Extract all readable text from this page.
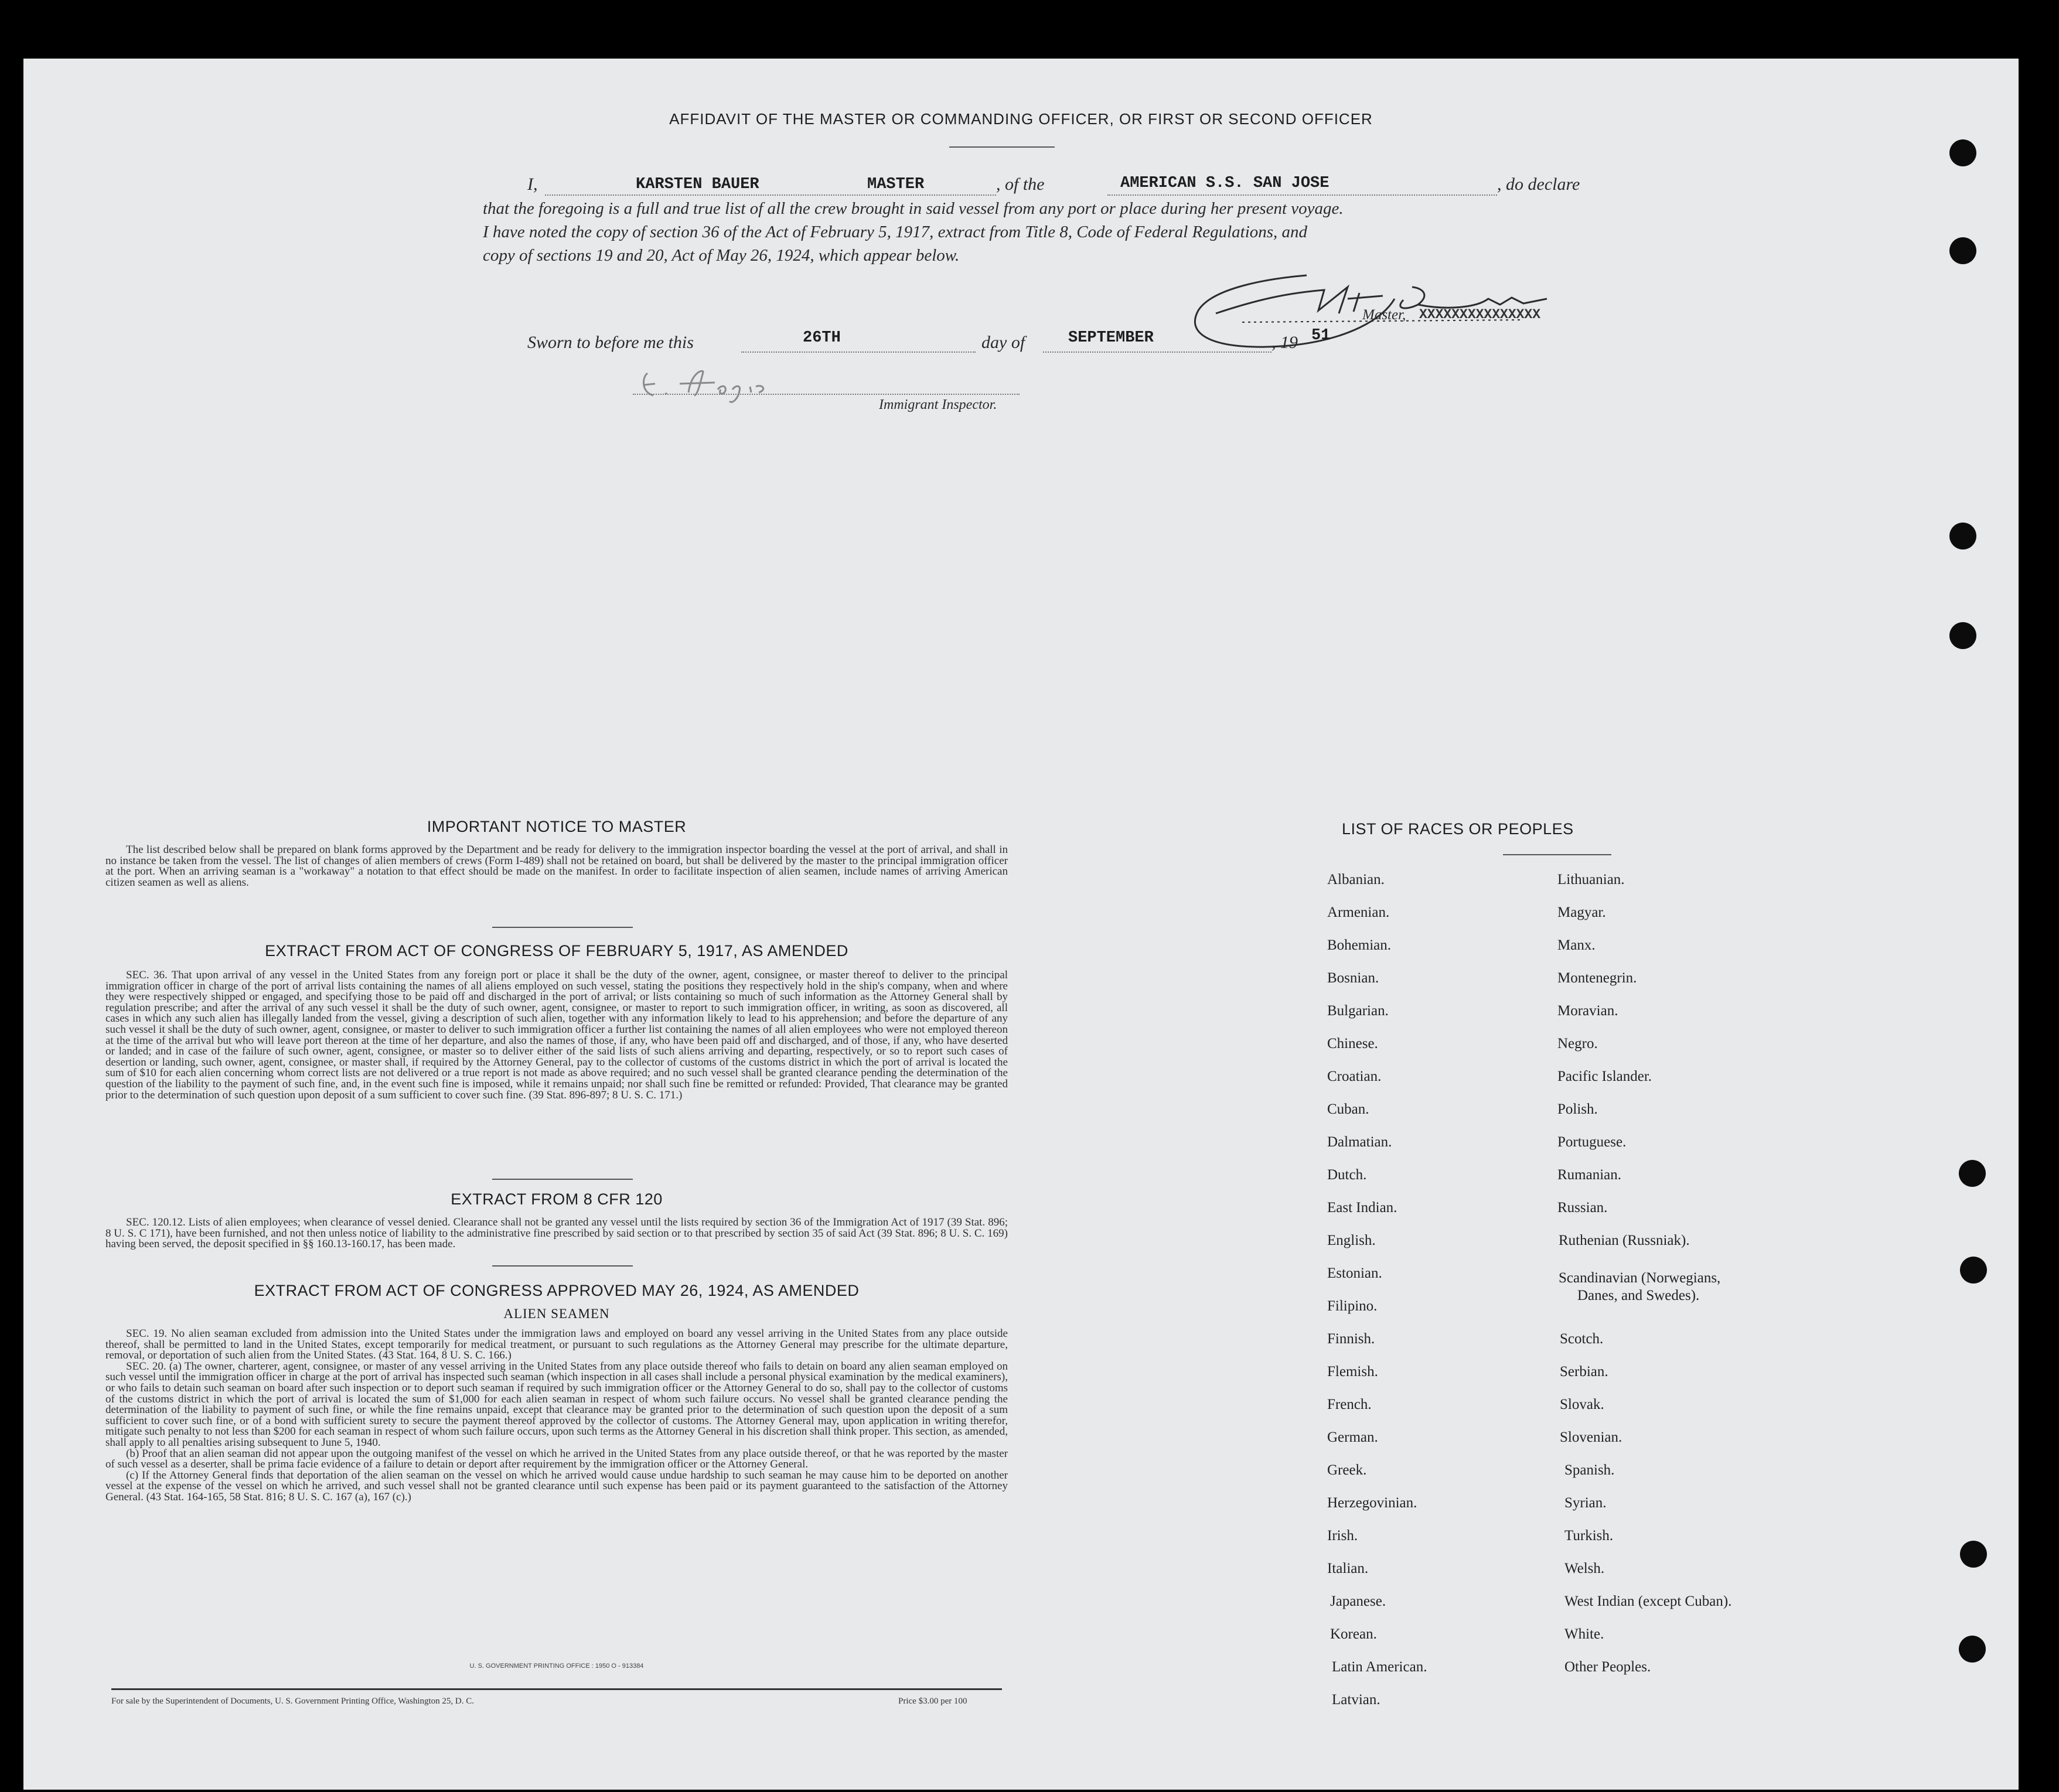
AFFIDAVIT OF THE MASTER OR COMMANDING OFFICER, OR FIRST OR SECOND OFFICER
I,	KARSTEN BAUER	MASTER	, of the	AMERICAN S.S. SAN JOSE	, do declare
that the foregoing is a full and true list of all the crew brought in said vessel from any port or place during her present voyage.
I have noted the copy of section 36 of the Act of February 5, 1917, extract from Title 8, Code of Federal Regulations, and
copy of sections 19 and 20, Act of May 26, 1924, which appear below.
Master, XXXXXXXXXXXXXXX
Sworn to before me this	26TH	day of	SEPTEMBER	, 19 51
Immigrant Inspector.
IMPORTANT NOTICE TO MASTER

The list described below shall be prepared on blank forms approved by the Department and be ready for delivery to the immigration inspector boarding the vessel at the port of arrival, and shall in no instance be taken from the vessel. The list of changes of alien members of crews (Form I-489) shall not be retained on board, but shall be delivered by the master to the principal immigration officer at the port. When an arriving seaman is a "workaway" a notation to that effect should be made on the manifest. In order to facilitate inspection of alien seamen, include names of arriving American citizen seamen as well as aliens.

EXTRACT FROM ACT OF CONGRESS OF FEBRUARY 5, 1917, AS AMENDED

SEC. 36. That upon arrival of any vessel in the United States from any foreign port or place it shall be the duty of the owner, agent, consignee, or master thereof to deliver to the principal immigration officer in charge of the port of arrival lists containing the names of all aliens employed on such vessel, stating the positions they respectively hold in the ship's company, when and where they were respectively shipped or engaged, and specifying those to be paid off and discharged in the port of arrival; or lists containing so much of such information as the Attorney General shall by regulation prescribe; and after the arrival of any such vessel it shall be the duty of such owner, agent, consignee, or master to report to such immigration officer, in writing, as soon as discovered, all cases in which any such alien has illegally landed from the vessel, giving a description of such alien, together with any information likely to lead to his apprehension; and before the departure of any such vessel it shall be the duty of such owner, agent, consignee, or master to deliver to such immigration officer a further list containing the names of all alien employees who were not employed thereon at the time of the arrival but who will leave port thereon at the time of her departure, and also the names of those, if any, who have been paid off and discharged, and of those, if any, who have deserted or landed; and in case of the failure of such owner, agent, consignee, or master so to deliver either of the said lists of such aliens arriving and departing, respectively, or so to report such cases of desertion or landing, such owner, agent, consignee, or master shall, if required by the Attorney General, pay to the collector of customs of the customs district in which the port of arrival is located the sum of $10 for each alien concerning whom correct lists are not delivered or a true report is not made as above required; and no such vessel shall be granted clearance pending the determination of the question of the liability to the payment of such fine, and, in the event such fine is imposed, while it remains unpaid; nor shall such fine be remitted or refunded: Provided, That clearance may be granted prior to the determination of such question upon deposit of a sum sufficient to cover such fine. (39 Stat. 896-897; 8 U. S. C. 171.)

EXTRACT FROM 8 CFR 120

SEC. 120.12. Lists of alien employees; when clearance of vessel denied. Clearance shall not be granted any vessel until the lists required by section 36 of the Immigration Act of 1917 (39 Stat. 896; 8 U. S. C 171), have been furnished, and not then unless notice of liability to the administrative fine prescribed by said section or to that prescribed by section 35 of said Act (39 Stat. 896; 8 U. S. C. 169) having been served, the deposit specified in §§ 160.13-160.17, has been made.

EXTRACT FROM ACT OF CONGRESS APPROVED MAY 26, 1924, AS AMENDED
ALIEN SEAMEN

SEC. 19. No alien seaman excluded from admission into the United States under the immigration laws and employed on board any vessel arriving in the United States from any place outside thereof, shall be permitted to land in the United States, except temporarily for medical treatment, or pursuant to such regulations as the Attorney General may prescribe for the ultimate departure, removal, or deportation of such alien from the United States. (43 Stat. 164, 8 U. S. C. 166.)

SEC. 20. (a) The owner, charterer, agent, consignee, or master of any vessel arriving in the United States from any place outside thereof who fails to detain on board any alien seaman employed on such vessel until the immigration officer in charge at the port of arrival has inspected such seaman (which inspection in all cases shall include a personal physical examination by the medical examiners), or who fails to detain such seaman on board after such inspection or to deport such seaman if required by such immigration officer or the Attorney General to do so, shall pay to the collector of customs of the customs district in which the port of arrival is located the sum of $1,000 for each alien seaman in respect of whom such failure occurs. No vessel shall be granted clearance pending the determination of the liability to payment of such fine, or while the fine remains unpaid, except that clearance may be granted prior to the determination of such question upon the deposit of a sum sufficient to cover such fine, or of a bond with sufficient surety to secure the payment thereof approved by the collector of customs. The Attorney General may, upon application in writing therefor, mitigate such penalty to not less than $200 for each seaman in respect of whom such failure occurs, upon such terms as the Attorney General in his discretion shall think proper. This section, as amended, shall apply to all penalties arising subsequent to June 5, 1940.

(b) Proof that an alien seaman did not appear upon the outgoing manifest of the vessel on which he arrived in the United States from any place outside thereof, or that he was reported by the master of such vessel as a deserter, shall be prima facie evidence of a failure to detain or deport after requirement by the immigration officer or the Attorney General.

(c) If the Attorney General finds that deportation of the alien seaman on the vessel on which he arrived would cause undue hardship to such seaman he may cause him to be deported on another vessel at the expense of the vessel on which he arrived, and such vessel shall not be granted clearance until such expense has been paid or its payment guaranteed to the satisfaction of the Attorney General. (43 Stat. 164-165, 58 Stat. 816; 8 U. S. C. 167 (a), 167 (c).)

U. S. GOVERNMENT PRINTING OFFICE : 1950 O - 913384
For sale by the Superintendent of Documents, U. S. Government Printing Office, Washington 25, D. C.	Price $3.00 per 100
LIST OF RACES OR PEOPLES
Albanian.
Armenian.
Bohemian.
Bosnian.
Bulgarian.
Chinese.
Croatian.
Cuban.
Dalmatian.
Dutch.
East Indian.
English.
Estonian.
Filipino.
Finnish.
Flemish.
French.
German.
Greek.
Herzegovinian.
Irish.
Italian.
Japanese.
Korean.
Latin American.
Latvian.
Lithuanian.
Magyar.
Manx.
Montenegrin.
Moravian.
Negro.
Pacific Islander.
Polish.
Portuguese.
Rumanian.
Russian.
Ruthenian (Russniak).
Scandinavian (Norwegians,
Danes, and Swedes).
Scotch.
Serbian.
Slovak.
Slovenian.
Spanish.
Syrian.
Turkish.
Welsh.
West Indian (except Cuban).
White.
Other Peoples.
